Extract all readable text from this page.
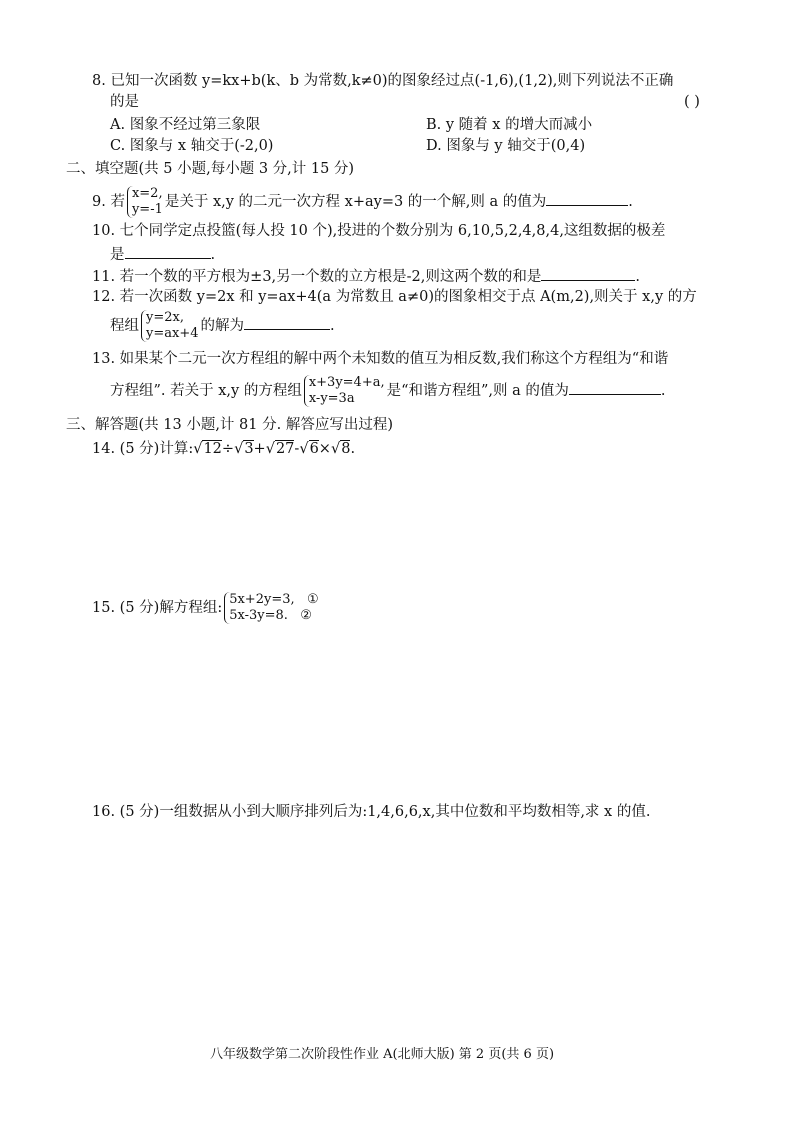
8. 已知一次函数 y=kx+b(k、b 为常数,k≠0)的图象经过点(-1,6),(1,2),则下列说法不正确
的是	( )
A. 图象不经过第三象限	B. y 随着 x 的增大而减小
C. 图象与 x 轴交于(-2,0)	D. 图象与 y 轴交于(0,4)
二、填空题(共 5 小题,每小题 3 分,计 15 分)
9. 若
x=2,
y=-1 是关于 x,y 的二元一次方程 x+ay=3 的一个解,则 a 的值为	.
10. 七个同学定点投篮(每人投 10 个),投进的个数分别为 6,10,5,2,4,8,4,这组数据的极差
是	.
11. 若一个数的平方根为±3,另一个数的立方根是-2,则这两个数的和是	.
12. 若一次函数 y=2x 和 y=ax+4(a 为常数且 a≠0)的图象相交于点 A(m,2),则关于 x,y 的方
程组
y=2x,
y=ax+4 的解为	.
13. 如果某个二元一次方程组的解中两个未知数的值互为相反数,我们称这个方程组为“和谐
方程组”. 若关于 x,y 的方程组
x+3y=4+a,
x-y=3a	是“和谐方程组”,则 a 的值为	.
三、解答题(共 13 小题,计 81 分. 解答应写出过程)
14. (5 分)计算:√12÷√3+√27-√6×√8.
15. (5 分)解方程组:
5x+2y=3, ①
5x-3y=8. ②
16. (5 分)一组数据从小到大顺序排列后为:1,4,6,6,x,其中位数和平均数相等,求 x 的值.
八年级数学第二次阶段性作业 A(北师大版) 第 2 页(共 6 页)
